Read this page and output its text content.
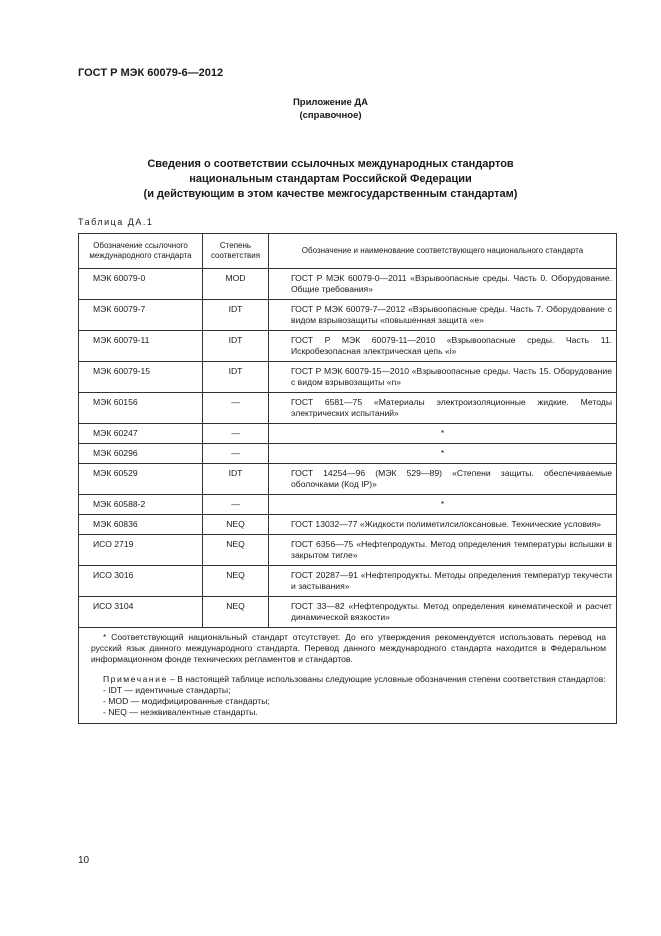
ГОСТ Р МЭК 60079-6—2012
Приложение ДА
(справочное)
Сведения о соответствии ссылочных международных стандартов
национальным стандартам Российской Федерации
(и действующим в этом качестве межгосударственным стандартам)
Таблица ДА.1
Обозначение ссылочного международного стандарта	Степень соответствия	Обозначение и наименование соответствующего национального стандарта
МЭК 60079-0	MOD	ГОСТ Р МЭК 60079-0—2011 «Взрывоопасные среды. Часть 0. Оборудование. Общие требования»

МЭК 60079-7	IDT	ГОСТ Р МЭК 60079-7—2012 «Взрывоопасные среды. Часть 7. Оборудование с видом взрывозащиты «повышенная защита «е»

МЭК 60079-11	IDT	ГОСТ Р МЭК 60079-11—2010 «Взрывоопасные среды. Часть 11. Искробезопасная электрическая цепь «i»

МЭК 60079-15	IDT	ГОСТ Р МЭК 60079-15—2010 «Взрывоопасные среды. Часть 15. Оборудование с видом взрывозащиты «n»

МЭК 60156	—	ГОСТ 6581—75 «Материалы электроизоляционные жидкие. Методы электрических испытаний»

МЭК 60247	—	*
МЭК 60296	—	*
МЭК 60529	IDT	ГОСТ 14254—96 (МЭК 529—89) «Степени защиты. обеспечиваемые оболочками (Код IP)»

МЭК 60588-2	—	*
МЭК 60836	NEQ	ГОСТ 13032—77 «Жидкости полиметилсилоксановые. Технические условия»

ИСО 2719	NEQ	ГОСТ 6356—75 «Нефтепродукты. Метод определения температуры вспышки в закрытом тигле»

ИСО 3016	NEQ	ГОСТ 20287—91 «Нефтепродукты. Методы определения температур текучести и застывания»

ИСО 3104	NEQ	ГОСТ 33—82 «Нефтепродукты. Метод определения кинематической и расчет динамической вязкости»

* Соответствующий национальный стандарт отсутствует. До его утверждения рекомендуется использовать перевод на русский язык данного международного стандарта. Перевод данного международного стандарта находится в Федеральном информационном фонде технических регламентов и стандартов.

Примечание – В настоящей таблице использованы следующие условные обозначения степени соответствия стандартов:

- IDT — идентичные стандарты;

- MOD — модифицированные стандарты;

- NEQ — неэквивалентные стандарты.		

10
